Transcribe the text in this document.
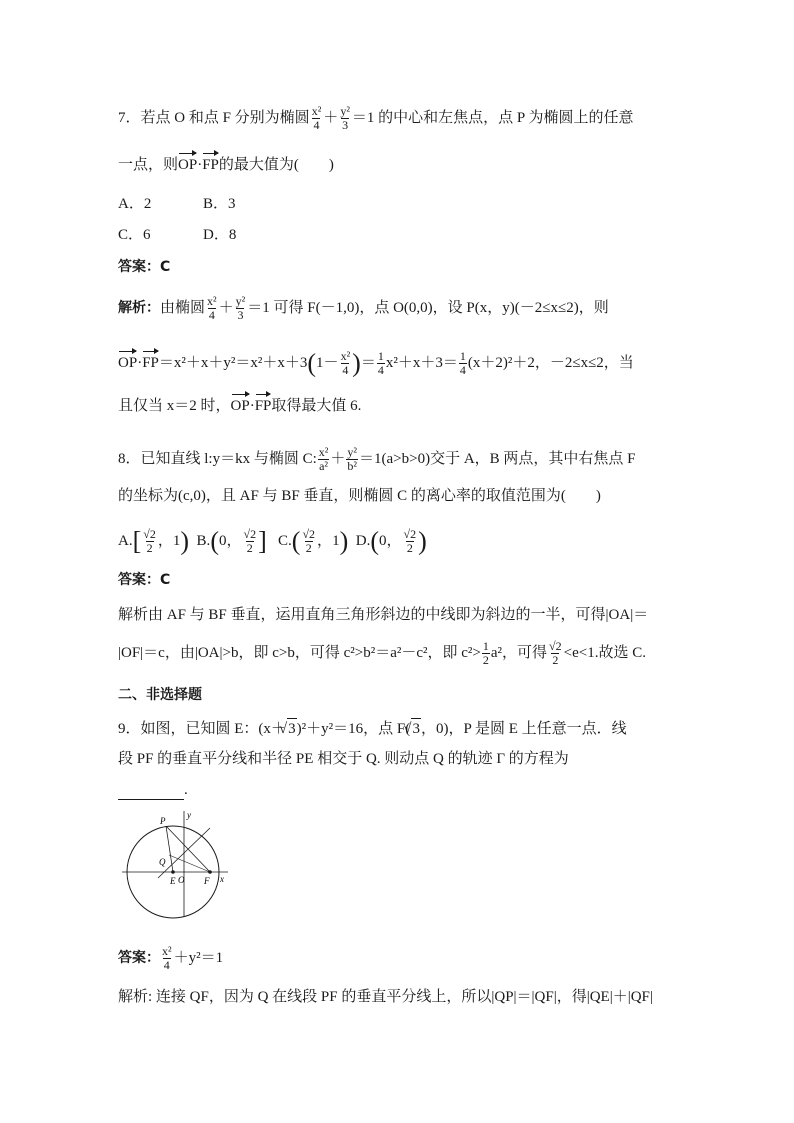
7．若点 O 和点 F 分别为椭圆 $\frac{\text{x²}}{4} + \frac{\text{y²}}{3} =1$ 的中心和左焦点，点 P 为椭圆上的任意
一点，则OP·FP的最大值为(　　)
A．2	B．3
C．6	D．8
答案：C
解析：由椭圆 $\frac{\text{x²}}{4} + \frac{\text{y²}}{3} =1$ 可得 F(－1,0)，点 O(0,0)，设 P(x，y)(－2≤x≤2)，则
$OP\cdot FP=x^2+x+y^2=x^2+x+3(1- \frac{\text{x²}}{4}$ )＝ $\frac{1}{4} x^2+x+3= \frac{1}{4} (x+2)^2+2$，－2≤x≤2，当
且仅当 x＝2 时，OP·FP取得最大值 6.
8．已知直线 l:y＝kx 与椭圆 C: $\frac{\text{x²}}{\text{a²}} + \frac{\text{y²}}{\text{b²}} =1(a>b>0)$交于 A，B 两点，其中右焦点 F
的坐标为(c,0)，且 AF 与 BF 垂直，则椭圆 C 的离心率的取值范围为(　　)
$A.[ \frac{√2}{2}$ ，1) B.(0， $\frac{√2}{2}$ ] $C.( \frac{√2}{2}$ ，1) D.(0， $\frac{√2}{2}$ )
答案：C
解析由 AF 与 BF 垂直，运用直角三角形斜边的中线即为斜边的一半，可得|OA|＝
|OF|＝c，由|OA|>b，即 c>b，可得 c²>b²＝a²－c²，即 $c^2> \frac{1}{2} a^2$，可得 $\frac{√2}{2} <e<1$.故选 C.
二、非选择题
9．如图，已知圆 E：(x＋ √ 3)²＋y²＝16，点 F( √ 3，0)，P 是圆 E 上任意一点．线
段 PF 的垂直平分线和半径 PE 相交于 Q. 则动点 Q 的轨迹 Γ 的方程为
.
P
Q
E O F x
y
答案： $\frac{\text{x²}}{4} +y^2=1$
解析: 连接 QF，因为 Q 在线段 PF 的垂直平分线上，所以|QP|＝|QF|，得|QE|＋|QF|
